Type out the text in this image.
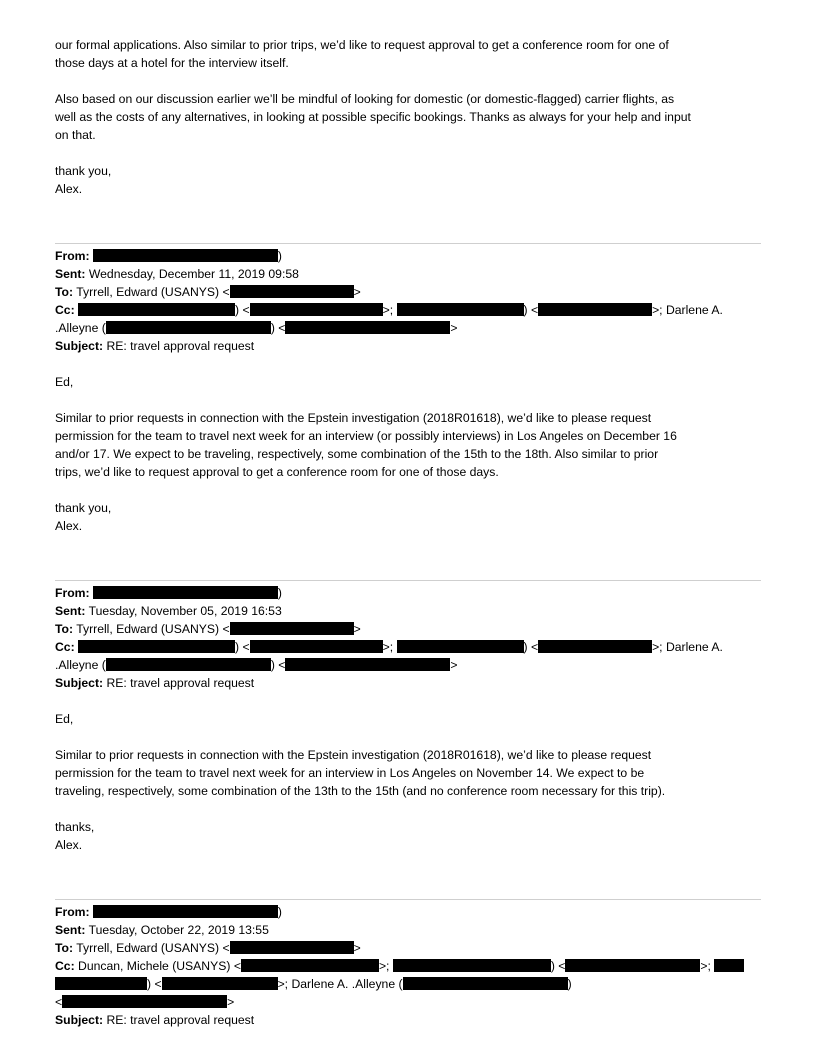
our formal applications. Also similar to prior trips, we’d like to request approval to get a conference room for one of
those days at a hotel for the interview itself.
Also based on our discussion earlier we’ll be mindful of looking for domestic (or domestic-flagged) carrier flights, as
well as the costs of any alternatives, in looking at possible specific bookings. Thanks as always for your help and input
on that.
thank you,
Alex.
From:	)
Sent: Wednesday, December 11, 2019 09:58
To: Tyrrell, Edward (USANYS) <	>
Cc:	) <	>;	) <	>; Darlene A.
.Alleyne (	) <	>
Subject: RE: travel approval request
Ed,
Similar to prior requests in connection with the Epstein investigation (2018R01618), we’d like to please request
permission for the team to travel next week for an interview (or possibly interviews) in Los Angeles on December 16
and/or 17. We expect to be traveling, respectively, some combination of the 15th to the 18th. Also similar to prior
trips, we’d like to request approval to get a conference room for one of those days.
thank you,
Alex.
From:	)
Sent: Tuesday, November 05, 2019 16:53
To: Tyrrell, Edward (USANYS) <	>
Cc:	) <	>;	) <	>; Darlene A.
.Alleyne (	) <	>
Subject: RE: travel approval request
Ed,
Similar to prior requests in connection with the Epstein investigation (2018R01618), we’d like to please request
permission for the team to travel next week for an interview in Los Angeles on November 14. We expect to be
traveling, respectively, some combination of the 13th to the 15th (and no conference room necessary for this trip).
thanks,
Alex.
From:	)
Sent: Tuesday, October 22, 2019 13:55
To: Tyrrell, Edward (USANYS) <	>
Cc: Duncan, Michele (USANYS) <	>;	) <	>;
) <	>; Darlene A. .Alleyne (	)
<	>
Subject: RE: travel approval request
